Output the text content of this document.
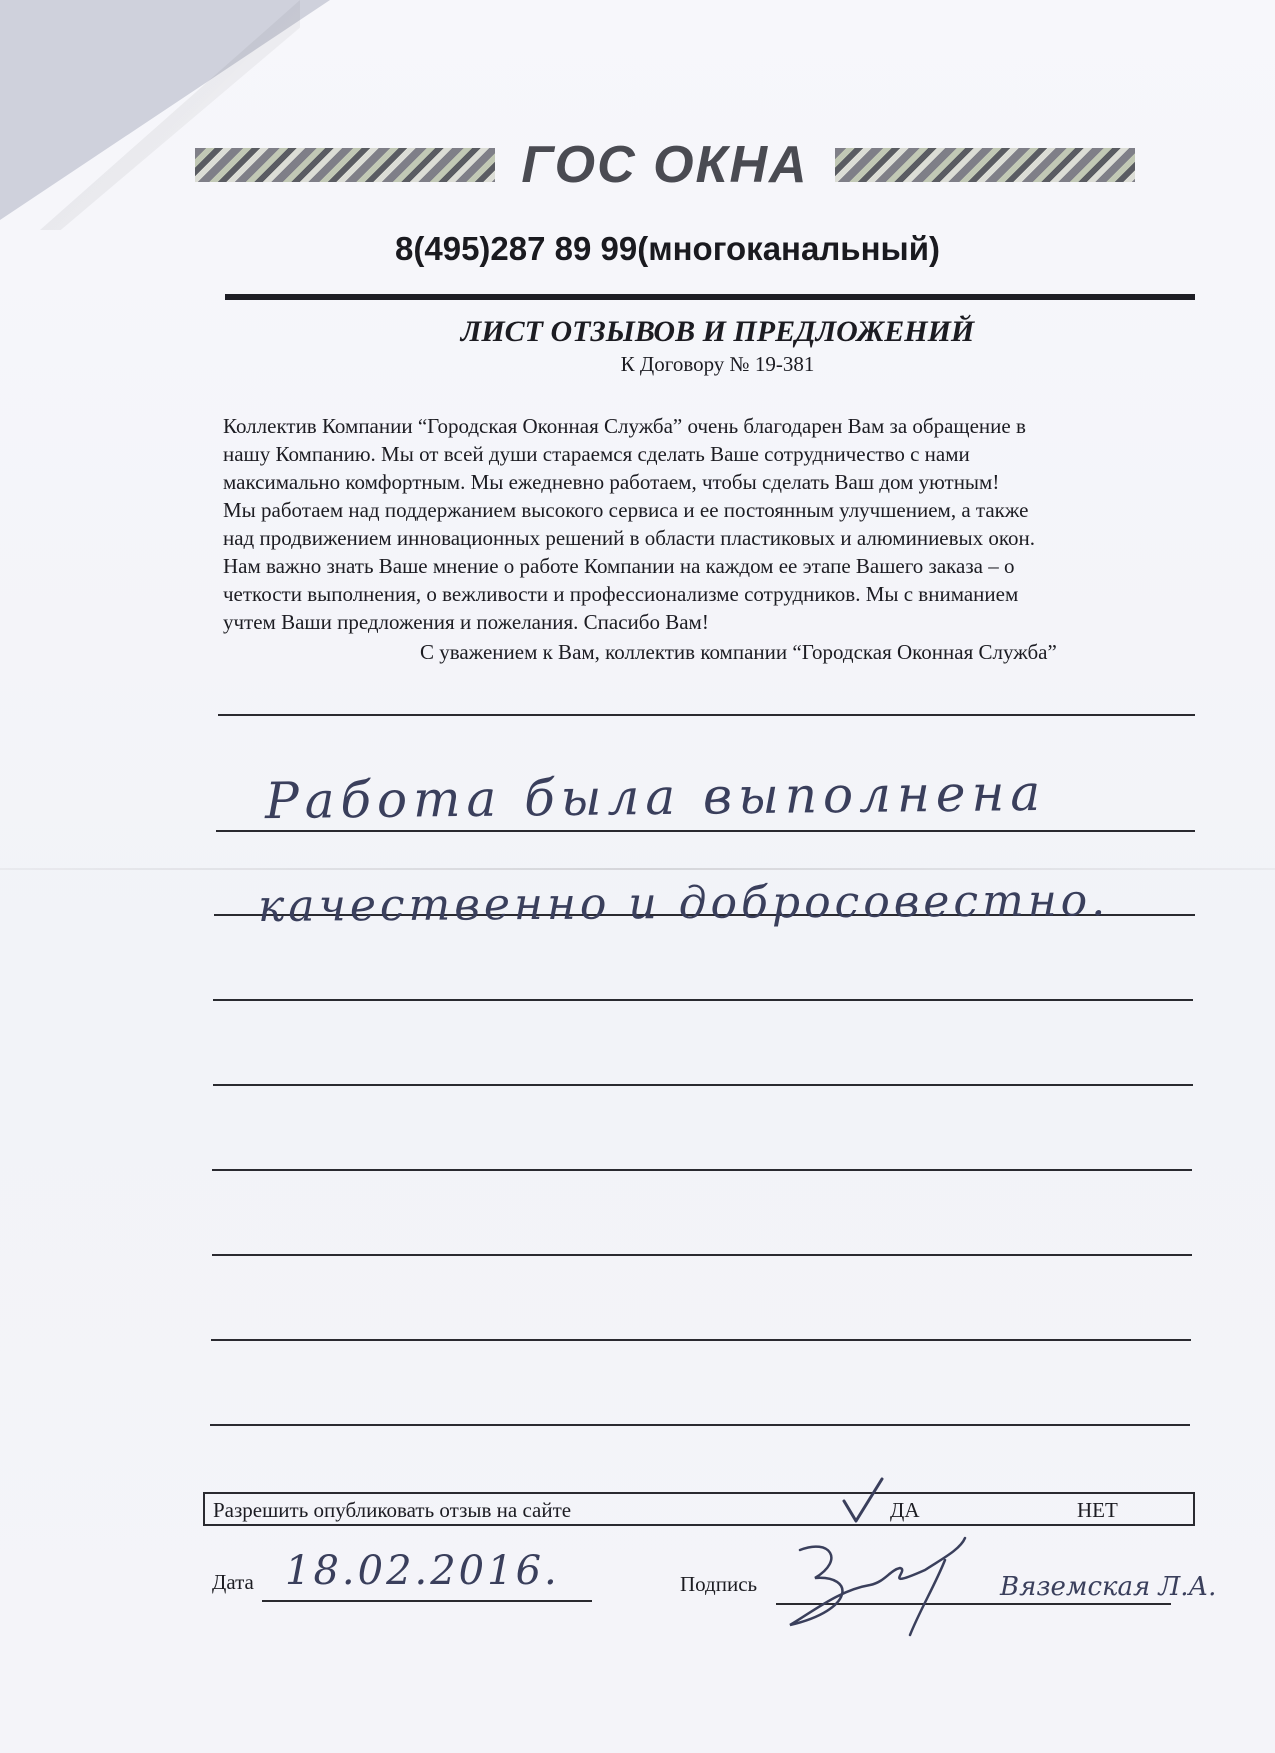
ГОС ОКНА
8(495)287 89 99(многоканальный)
ЛИСТ ОТЗЫВОВ И ПРЕДЛОЖЕНИЙ
К Договору № 19-381

Коллектив Компании “Городская Оконная Служба” очень благодарен Вам за обращение в
нашу Компанию. Мы от всей души стараемся сделать Ваше сотрудничество с нами
максимально комфортным. Мы ежедневно работаем, чтобы сделать Ваш дом уютным!
Мы работаем над поддержанием высокого сервиса и ее постоянным улучшением, а также
над продвижением инновационных решений в области пластиковых и алюминиевых окон.
Нам важно знать Ваше мнение о работе Компании на каждом ее этапе Вашего заказа – о
четкости выполнения, о вежливости и профессионализме сотрудников. Мы с вниманием
учтем Ваши предложения и пожелания. Спасибо Вам!

С уважением к Вам, коллектив компании “Городская Оконная Служба”
Работа была выполнена
качественно и добросовестно.
Разрешить опубликовать отзыв на сайте	ДА	НЕТ
Дата 18.02.2016.	Подпись	Вяземская Л.А.
